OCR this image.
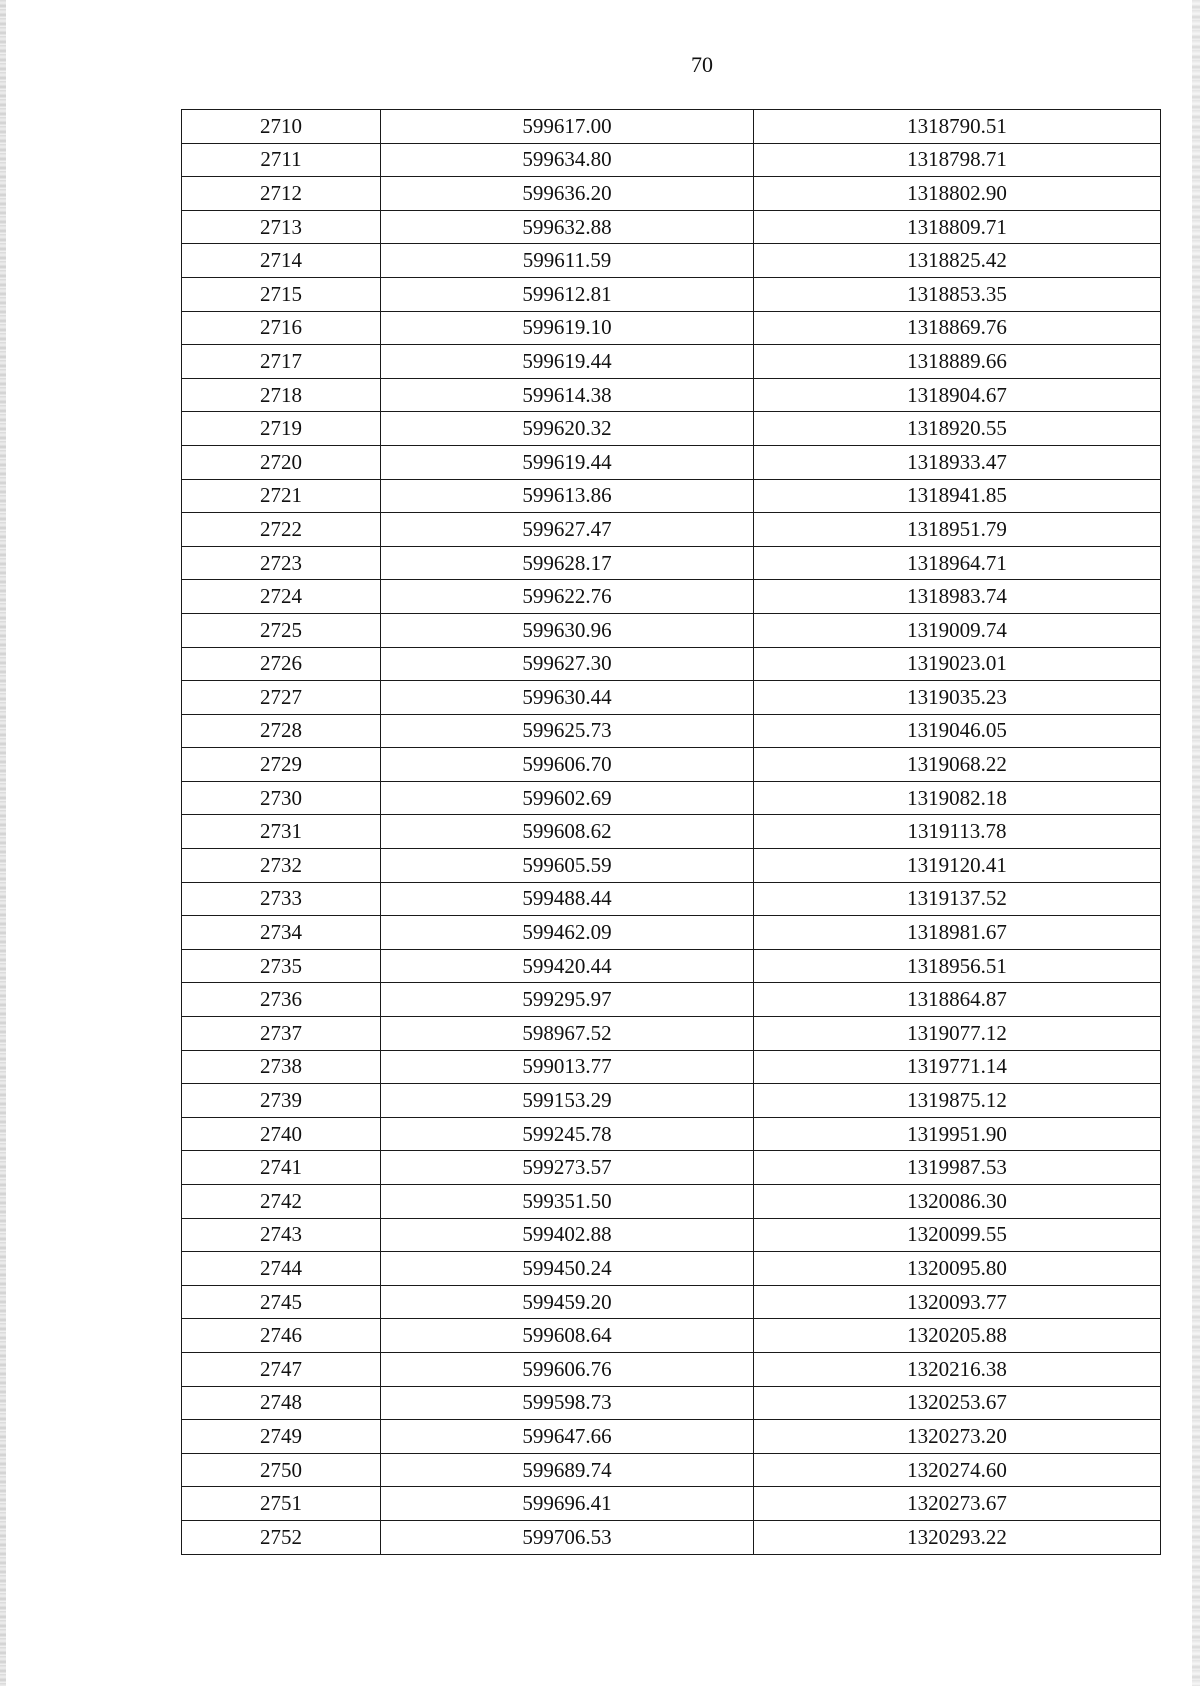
70
2710	599617.00	1318790.51
2711	599634.80	1318798.71
2712	599636.20	1318802.90
2713	599632.88	1318809.71
2714	599611.59	1318825.42
2715	599612.81	1318853.35
2716	599619.10	1318869.76
2717	599619.44	1318889.66
2718	599614.38	1318904.67
2719	599620.32	1318920.55
2720	599619.44	1318933.47
2721	599613.86	1318941.85
2722	599627.47	1318951.79
2723	599628.17	1318964.71
2724	599622.76	1318983.74
2725	599630.96	1319009.74
2726	599627.30	1319023.01
2727	599630.44	1319035.23
2728	599625.73	1319046.05
2729	599606.70	1319068.22
2730	599602.69	1319082.18
2731	599608.62	1319113.78
2732	599605.59	1319120.41
2733	599488.44	1319137.52
2734	599462.09	1318981.67
2735	599420.44	1318956.51
2736	599295.97	1318864.87
2737	598967.52	1319077.12
2738	599013.77	1319771.14
2739	599153.29	1319875.12
2740	599245.78	1319951.90
2741	599273.57	1319987.53
2742	599351.50	1320086.30
2743	599402.88	1320099.55
2744	599450.24	1320095.80
2745	599459.20	1320093.77
2746	599608.64	1320205.88
2747	599606.76	1320216.38
2748	599598.73	1320253.67
2749	599647.66	1320273.20
2750	599689.74	1320274.60
2751	599696.41	1320273.67
2752	599706.53	1320293.22
